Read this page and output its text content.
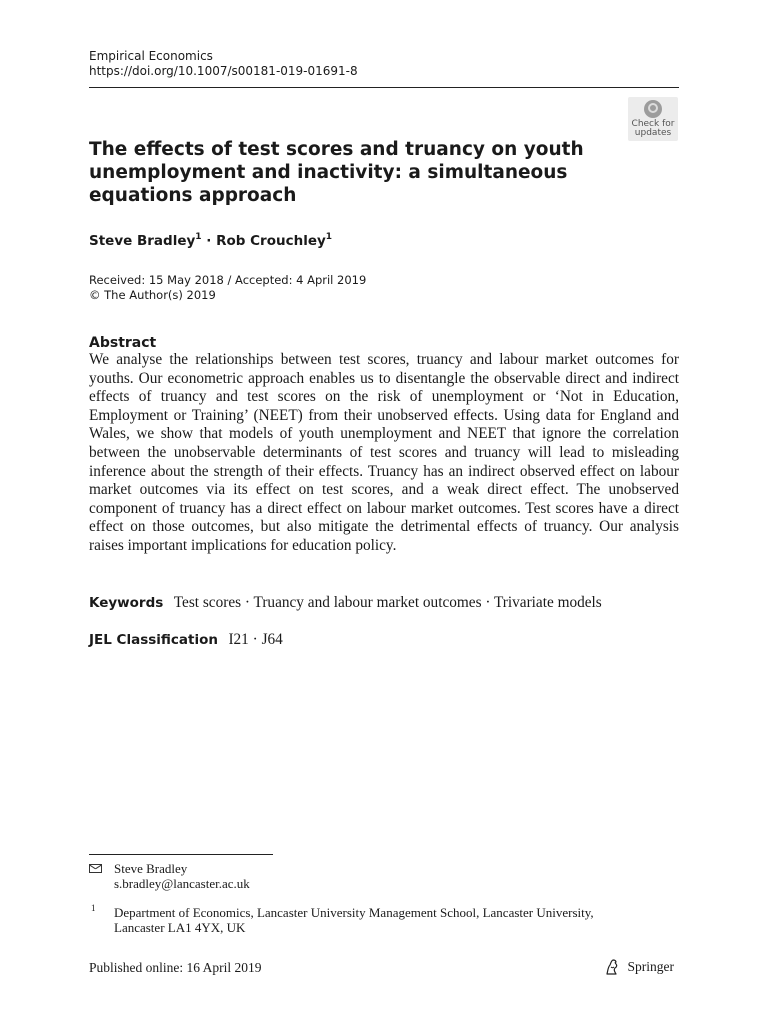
Empirical Economics
https://doi.org/10.1007/s00181-019-01691-8
Check for
updates
The effects of test scores and truancy on youth unemployment and inactivity: a simultaneous equations approach
Steve Bradley$^1$ · Rob Crouchley$^1$
Received: 15 May 2018 / Accepted: 4 April 2019
© The Author(s) 2019
Abstract

We analyse the relationships between test scores, truancy and labour market outcomes for youths. Our econometric approach enables us to disentangle the observable direct and indirect effects of truancy and test scores on the risk of unemployment or ‘Not in Education, Employment or Training’ (NEET) from their unobserved effects. Using data for England and Wales, we show that models of youth unemployment and NEET that ignore the correlation between the unobservable determinants of test scores and truancy will lead to misleading inference about the strength of their effects. Truancy has an indirect observed effect on labour market outcomes via its effect on test scores, and a weak direct effect. The unobserved component of truancy has a direct effect on labour market outcomes. Test scores have a direct effect on those outcomes, but also mitigate the detrimental effects of truancy. Our analysis raises important implications for education policy.

Keywords Test scores · Truancy and labour market outcomes · Trivariate models
JEL Classification I21 · J64
Steve Bradley
s.bradley@lancaster.ac.uk
1 Department of Economics, Lancaster University Management School, Lancaster University,
Lancaster LA1 4YX, UK
Published online: 16 April 2019	Springer
